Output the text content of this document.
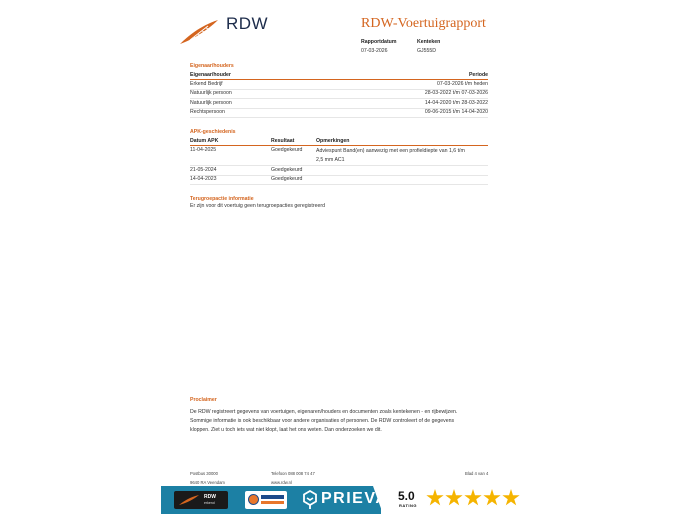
RDW	RDW-Voertuigrapport
Rapportdatum
07-03-2026
Kenteken
GJ555D
Eigenaar/houders
Eigenaar/houder	Periode
Erkend Bedrijf	07-03-2026 t/m heden
Natuurlijk persoon	28-03-2022 t/m 07-03-2026
Natuurlijk persoon	14-04-2020 t/m 28-03-2022
Rechtspersoon	09-06-2015 t/m 14-04-2020
APK-geschiedenis
Datum APK	Resultaat	Opmerkingen
11-04-2025	Goedgekeurd	Adviespunt Band(en) aanwezig met een profieldiepte van 1,6 t/m
2,5 mm AC1

21-05-2024	Goedgekeurd	
14-04-2023	Goedgekeurd	
Terugroepactie informatie
Er zijn voor dit voertuig geen terugroepacties geregistreerd
Proclaimer
De RDW registreert gegevens van voertuigen, eigenaren/houders en documenten zoals kentekenen - en rijbewijzen.
Sommige informatie is ook beschikbaar voor andere organisaties of personen. De RDW controleert of de gegevens
kloppen. Ziet u toch iets wat niet klopt, laat het ons weten. Dan onderzoeken we dit.
Postbus 30000
9640 RA Veendam
Telefoon 088 008 74 47
www.rdw.nl
Blad 4 van 4
RDW
erkend	PRIEVA 5.0
RATING
